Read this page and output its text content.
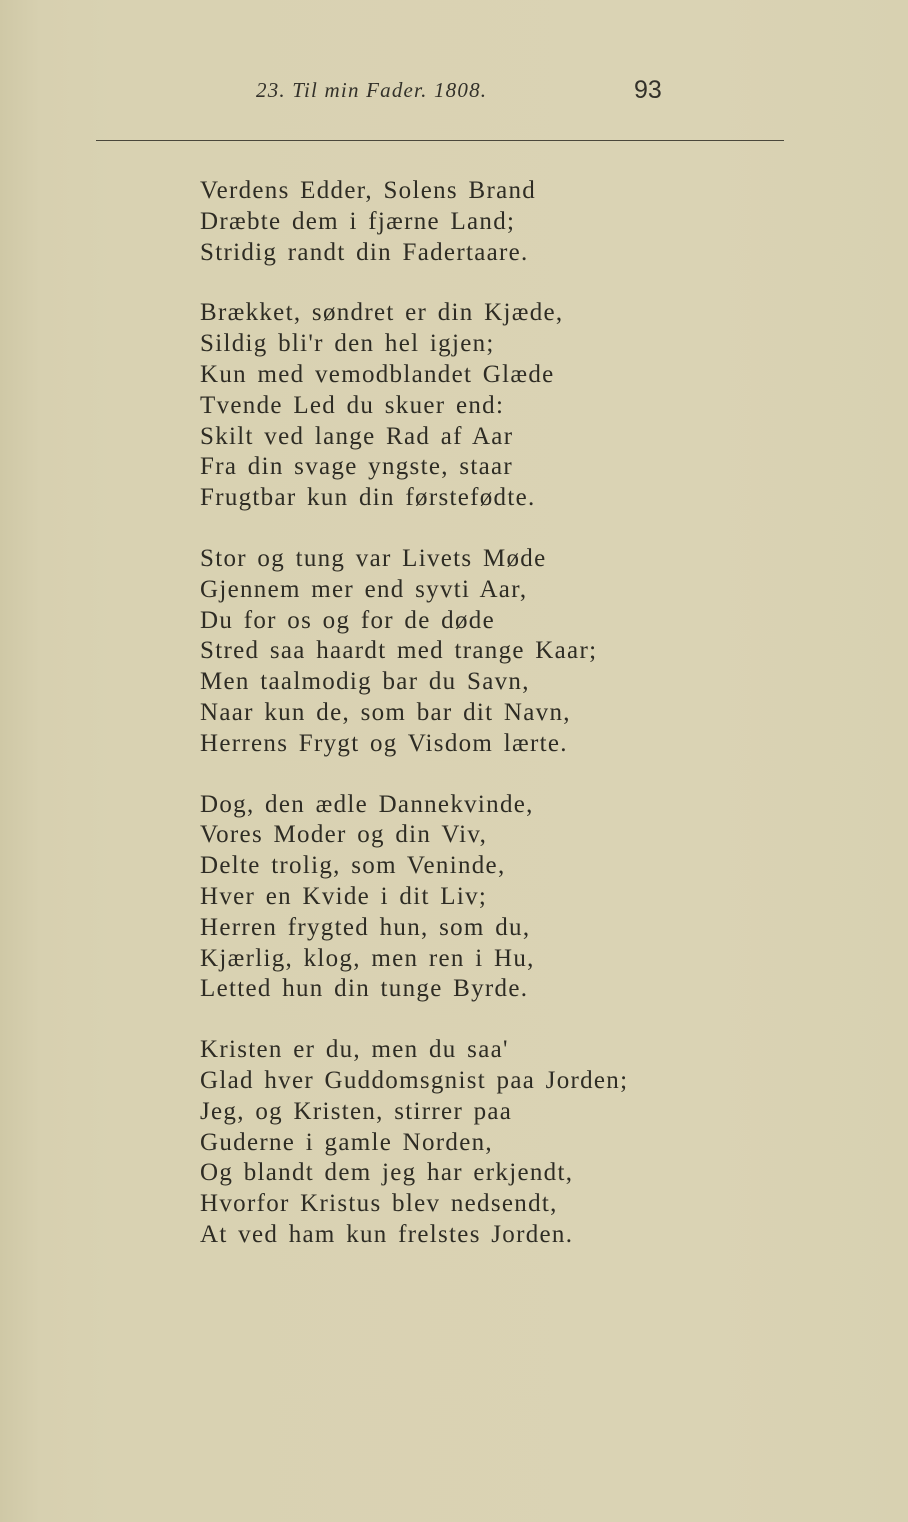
23. Til min Fader. 1808.	93
Verdens Edder, Solens Brand
Dræbte dem i fjærne Land;
Stridig randt din Fadertaare.
Brækket, søndret er din Kjæde,
Sildig bli'r den hel igjen;
Kun med vemodblandet Glæde
Tvende Led du skuer end:
Skilt ved lange Rad af Aar
Fra din svage yngste, staar
Frugtbar kun din førstefødte.
Stor og tung var Livets Møde
Gjennem mer end syvti Aar,
Du for os og for de døde
Stred saa haardt med trange Kaar;
Men taalmodig bar du Savn,
Naar kun de, som bar dit Navn,
Herrens Frygt og Visdom lærte.
Dog, den ædle Dannekvinde,
Vores Moder og din Viv,
Delte trolig, som Veninde,
Hver en Kvide i dit Liv;
Herren frygted hun, som du,
Kjærlig, klog, men ren i Hu,
Letted hun din tunge Byrde.
Kristen er du, men du saa'
Glad hver Guddomsgnist paa Jorden;
Jeg, og Kristen, stirrer paa
Guderne i gamle Norden,
Og blandt dem jeg har erkjendt,
Hvorfor Kristus blev nedsendt,
At ved ham kun frelstes Jorden.
